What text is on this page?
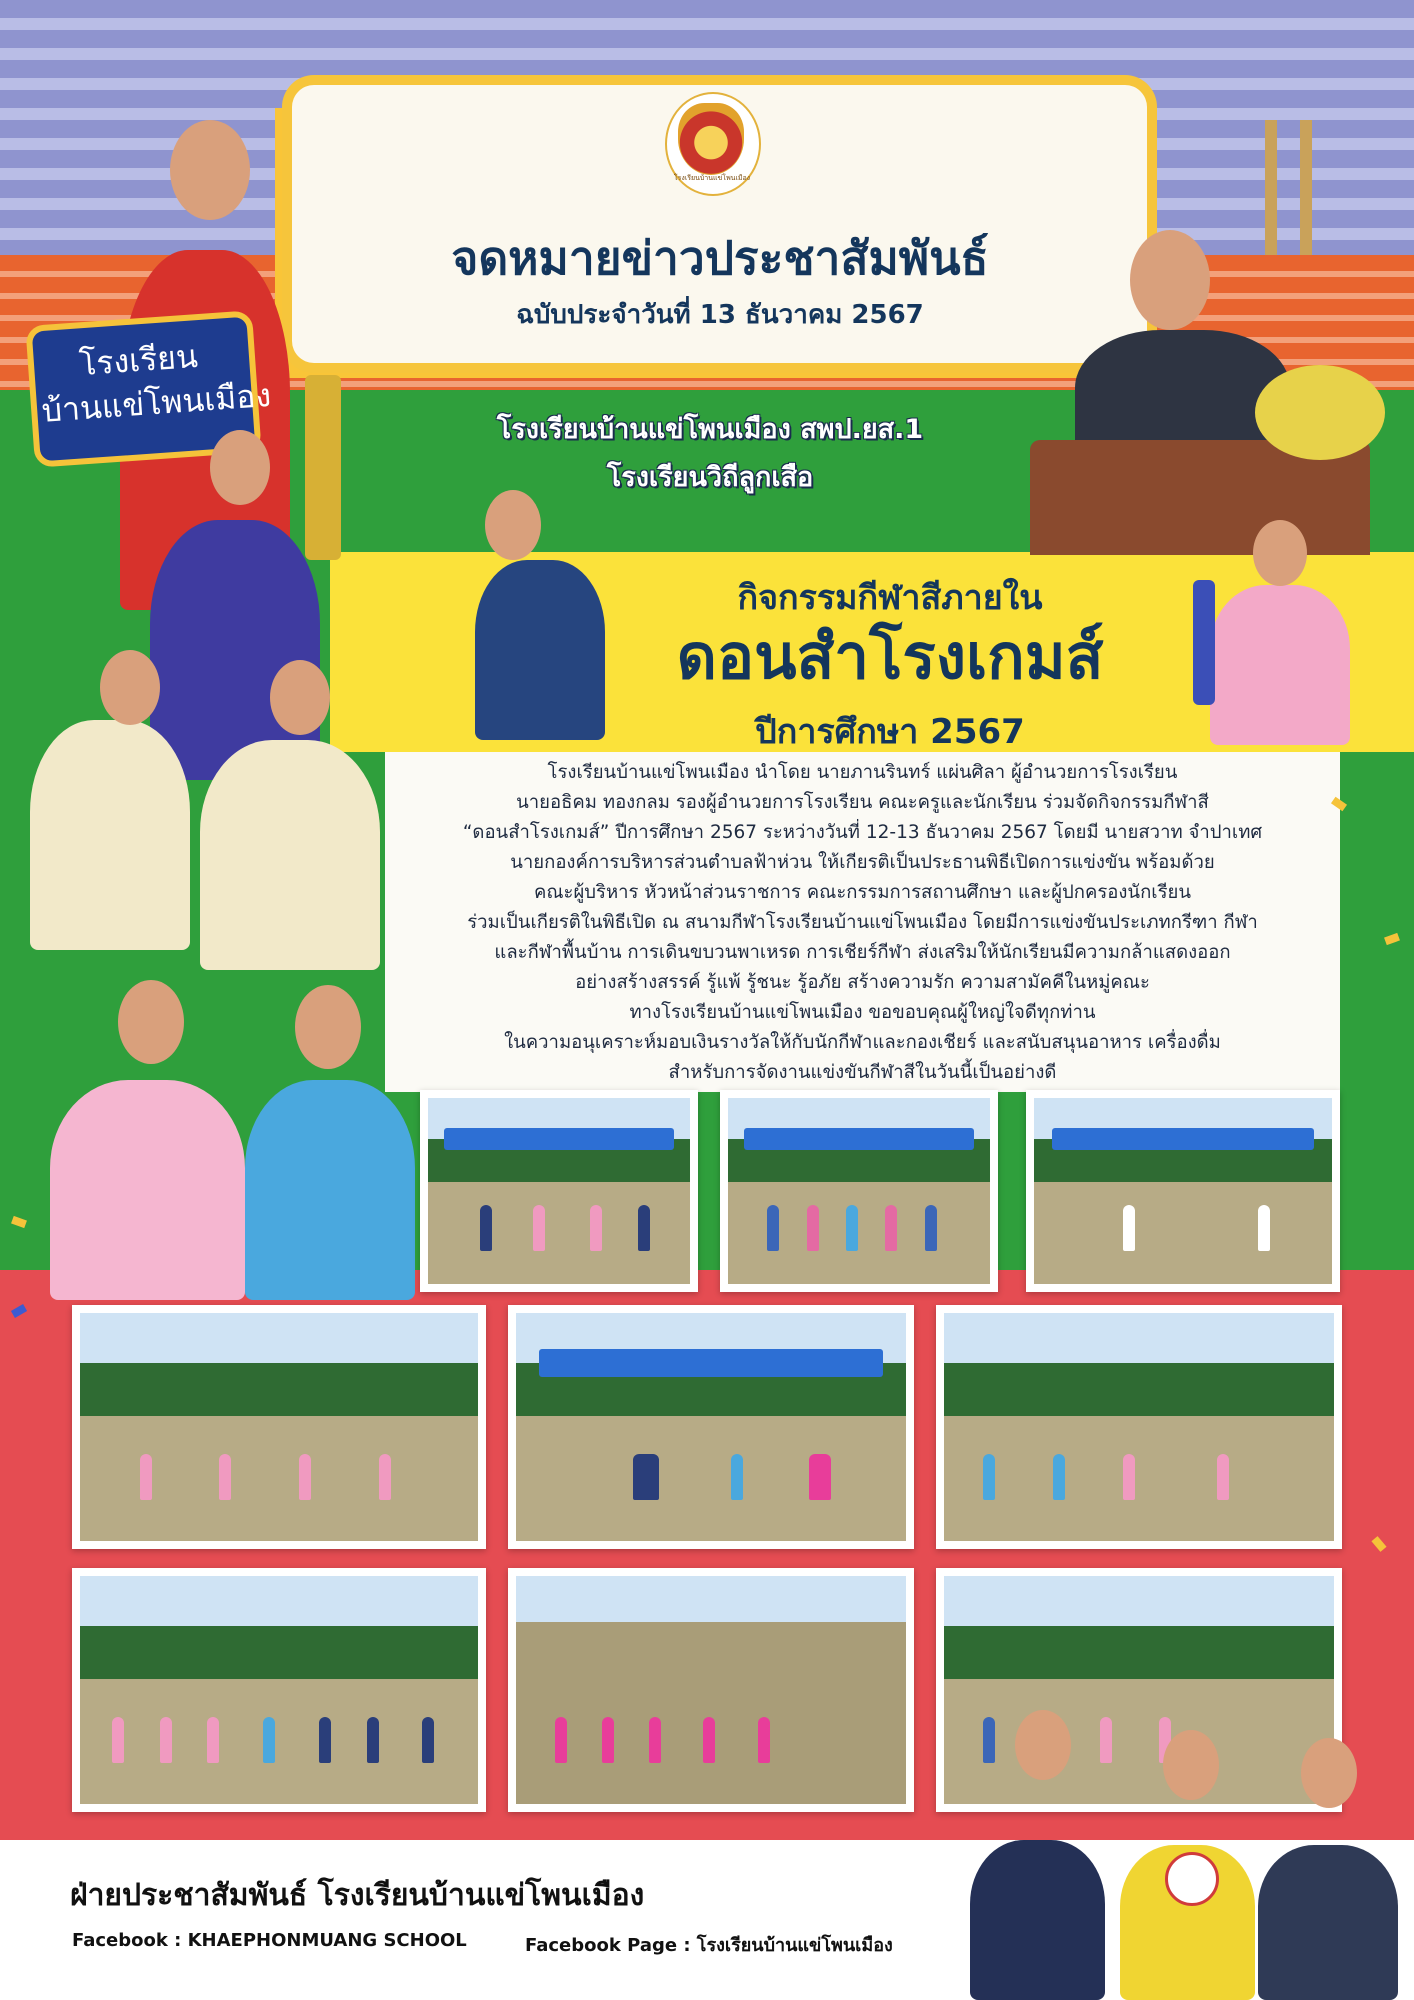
โรงเรียนบ้านแข่โพนเมือง
จดหมายข่าวประชาสัมพันธ์
ฉบับประจำวันที่ 13 ธันวาคม 2567
โรงเรียนบ้านแข่โพนเมือง สพป.ยส.1
โรงเรียนวิถีลูกเสือ
กิจกรรมกีฬาสีภายใน
ดอนสำโรงเกมส์
ปีการศึกษา 2567
โรงเรียน
บ้านแข่โพนเมือง
โรงเรียนบ้านแข่โพนเมือง นำโดย นายภานรินทร์ แผ่นศิลา ผู้อำนวยการโรงเรียน
นายอธิคม ทองกลม รองผู้อำนวยการโรงเรียน คณะครูและนักเรียน ร่วมจัดกิจกรรมกีฬาสี
“ดอนสำโรงเกมส์” ปีการศึกษา 2567 ระหว่างวันที่ 12-13 ธันวาคม 2567 โดยมี นายสวาท จำปาเทศ
นายกองค์การบริหารส่วนตำบลฟ้าห่วน ให้เกียรติเป็นประธานพิธีเปิดการแข่งขัน พร้อมด้วย
คณะผู้บริหาร หัวหน้าส่วนราชการ คณะกรรมการสถานศึกษา และผู้ปกครองนักเรียน
ร่วมเป็นเกียรติในพิธีเปิด ณ สนามกีฬาโรงเรียนบ้านแข่โพนเมือง โดยมีการแข่งขันประเภทกรีฑา กีฬา
และกีฬาพื้นบ้าน การเดินขบวนพาเหรด การเชียร์กีฬา ส่งเสริมให้นักเรียนมีความกล้าแสดงออก
อย่างสร้างสรรค์ รู้แพ้ รู้ชนะ รู้อภัย สร้างความรัก ความสามัคคีในหมู่คณะ
ทางโรงเรียนบ้านแข่โพนเมือง ขอขอบคุณผู้ใหญ่ใจดีทุกท่าน
ในความอนุเคราะห์มอบเงินรางวัลให้กับนักกีฬาและกองเชียร์ และสนับสนุนอาหาร เครื่องดื่ม
สำหรับการจัดงานแข่งขันกีฬาสีในวันนี้เป็นอย่างดี
ฝ่ายประชาสัมพันธ์ โรงเรียนบ้านแข่โพนเมือง
Facebook : KHAEPHONMUANG SCHOOL	Facebook Page : โรงเรียนบ้านแข่โพนเมือง
